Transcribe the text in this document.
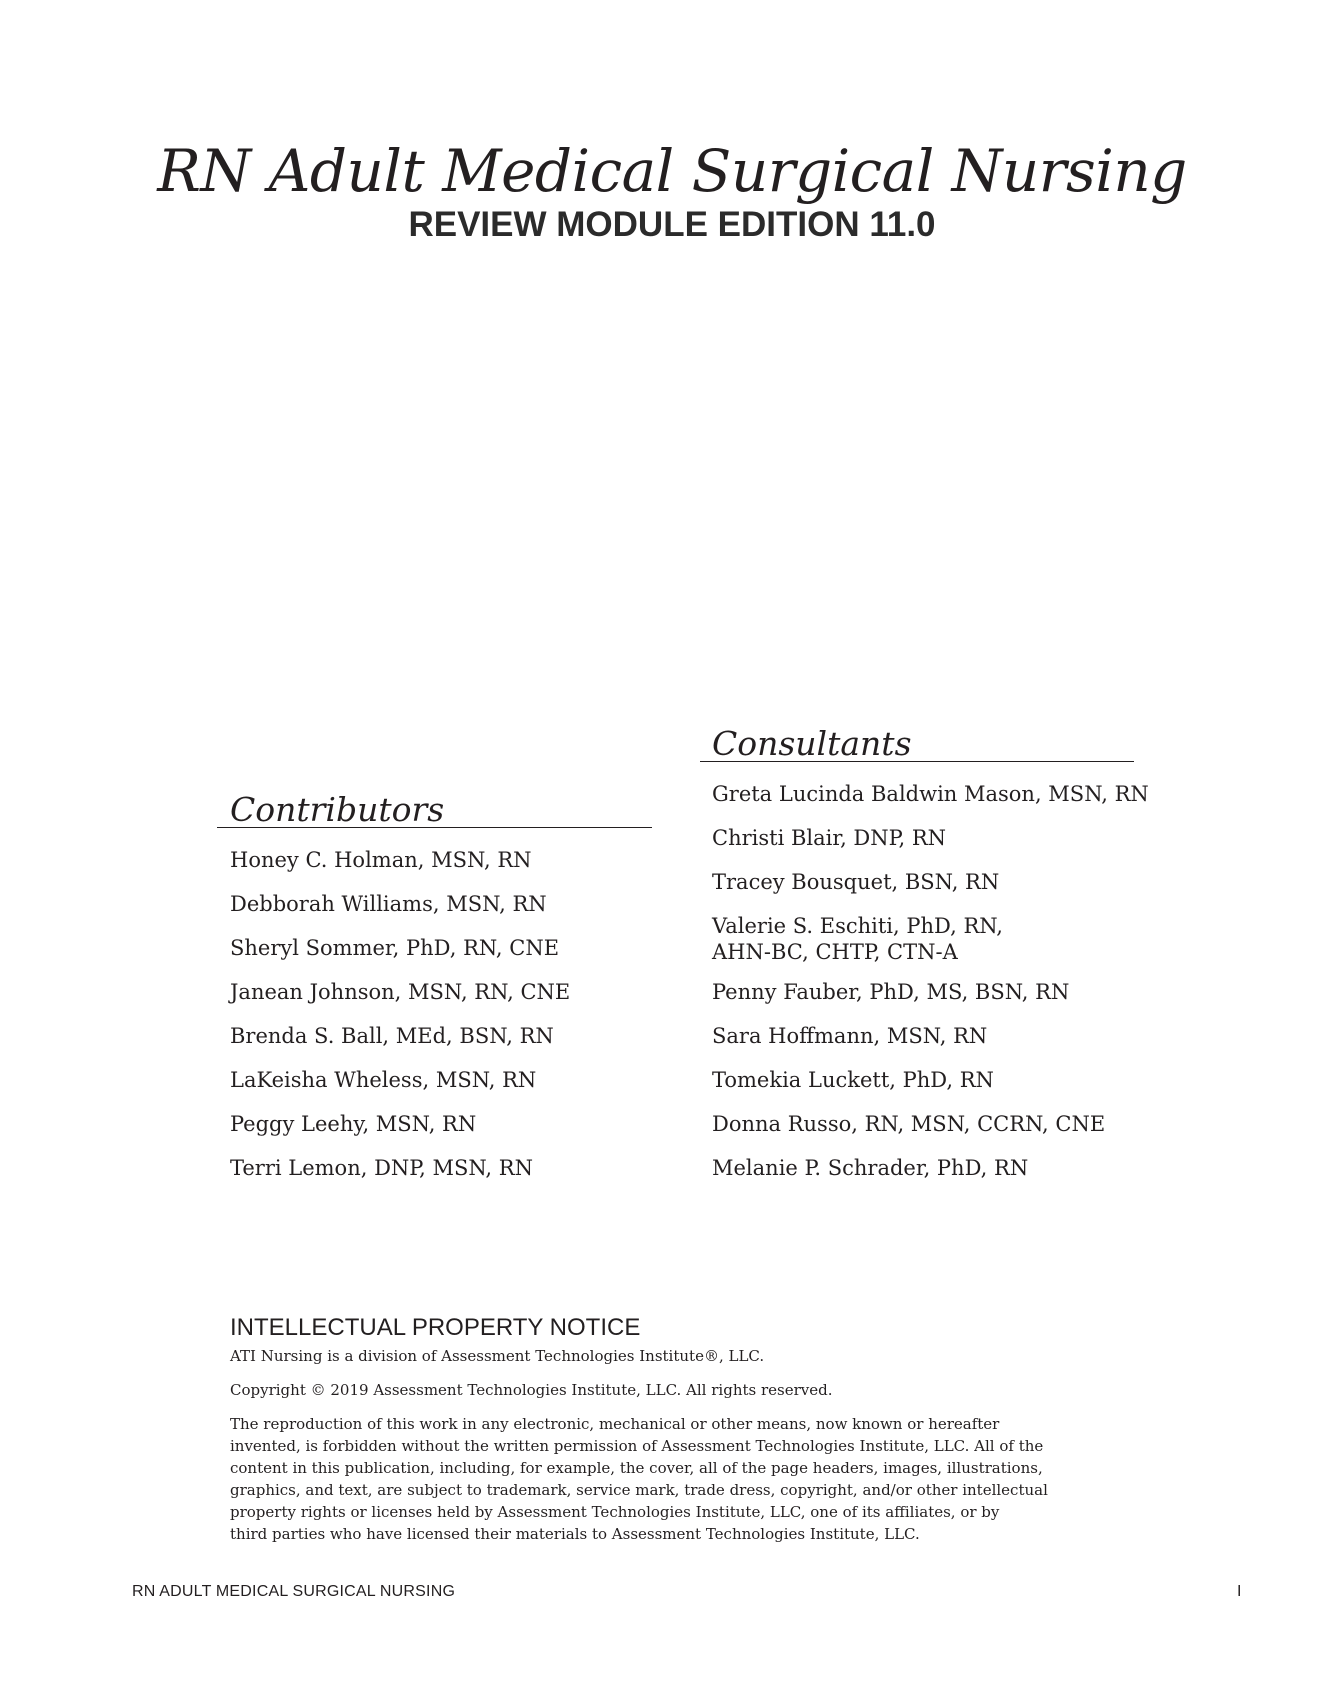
RN Adult Medical Surgical Nursing
REVIEW MODULE EDITION 11.0
Consultants
Greta Lucinda Baldwin Mason, MSN, RN
Christi Blair, DNP, RN
Tracey Bousquet, BSN, RN
Valerie S. Eschiti, PhD, RN,
AHN-BC, CHTP, CTN-A
Penny Fauber, PhD, MS, BSN, RN
Sara Hoffmann, MSN, RN
Tomekia Luckett, PhD, RN
Donna Russo, RN, MSN, CCRN, CNE
Melanie P. Schrader, PhD, RN
Contributors
Honey C. Holman, MSN, RN
Debborah Williams, MSN, RN
Sheryl Sommer, PhD, RN, CNE
Janean Johnson, MSN, RN, CNE
Brenda S. Ball, MEd, BSN, RN
LaKeisha Wheless, MSN, RN
Peggy Leehy, MSN, RN
Terri Lemon, DNP, MSN, RN
INTELLECTUAL PROPERTY NOTICE

ATI Nursing is a division of Assessment Technologies Institute®, LLC.

Copyright © 2019 Assessment Technologies Institute, LLC. All rights reserved.

The reproduction of this work in any electronic, mechanical or other means, now known or hereafter
invented, is forbidden without the written permission of Assessment Technologies Institute, LLC. All of the
content in this publication, including, for example, the cover, all of the page headers, images, illustrations,
graphics, and text, are subject to trademark, service mark, trade dress, copyright, and/or other intellectual
property rights or licenses held by Assessment Technologies Institute, LLC, one of its affiliates, or by
third parties who have licensed their materials to Assessment Technologies Institute, LLC.
RN ADULT MEDICAL SURGICAL NURSING	I
